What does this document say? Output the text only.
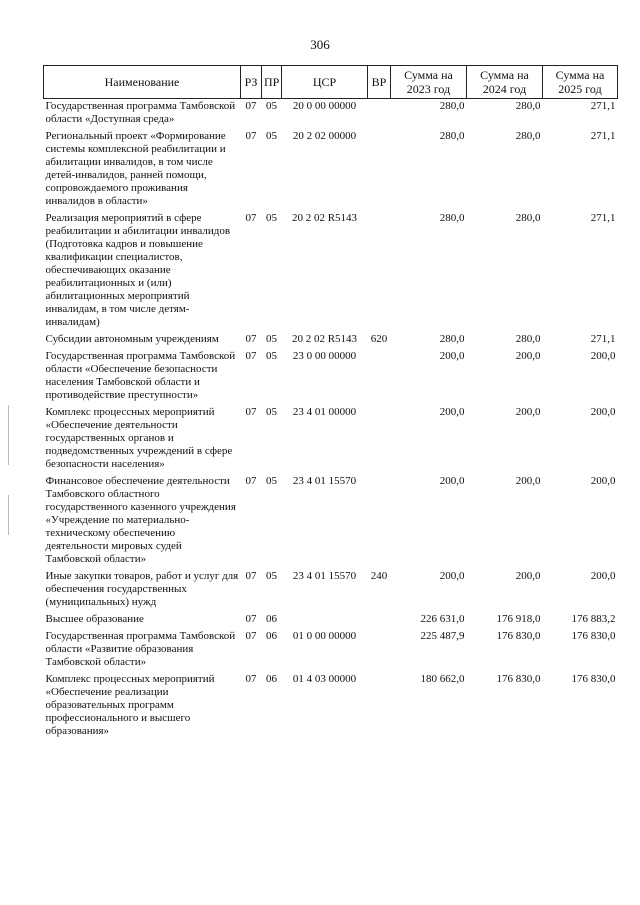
306
Наименование	РЗ	ПР	ЦСР	ВР	Сумма на 2023 год	Сумма на 2024 год	Сумма на 2025 год
Государственная программа Тамбовской области «Доступная среда»	07	05	20 0 00 00000		280,0	280,0	271,1
Региональный проект «Формирование системы комплексной реабилитации и абилитации инвалидов, в том числе детей-инвалидов, ранней помощи, сопровождаемого проживания инвалидов в области»	07	05	20 2 02 00000		280,0	280,0	271,1
Реализация мероприятий в сфере реабилитации и абилитации инвалидов (Подготовка кадров и повышение квалификации специалистов, обеспечивающих оказание реабилитационных и (или) абилитационных мероприятий инвалидам, в том числе детям-инвалидам)	07	05	20 2 02 R5143		280,0	280,0	271,1
Субсидии автономным учреждениям	07	05	20 2 02 R5143	620	280,0	280,0	271,1
Государственная программа Тамбовской области «Обеспечение безопасности населения Тамбовской области и противодействие преступности»	07	05	23 0 00 00000		200,0	200,0	200,0
Комплекс процессных мероприятий «Обеспечение деятельности государственных органов и подведомственных учреждений в сфере безопасности населения»	07	05	23 4 01 00000		200,0	200,0	200,0
Финансовое обеспечение деятельности Тамбовского областного государственного казенного учреждения «Учреждение по материально-техническому обеспечению деятельности мировых судей Тамбовской области»	07	05	23 4 01 15570		200,0	200,0	200,0
Иные закупки товаров, работ и услуг для обеспечения государственных (муниципальных) нужд	07	05	23 4 01 15570	240	200,0	200,0	200,0
Высшее образование	07	06			226 631,0	176 918,0	176 883,2
Государственная программа Тамбовской области «Развитие образования Тамбовской области»	07	06	01 0 00 00000		225 487,9	176 830,0	176 830,0
Комплекс процессных мероприятий «Обеспечение реализации образовательных программ профессионального и высшего образования»	07	06	01 4 03 00000		180 662,0	176 830,0	176 830,0
